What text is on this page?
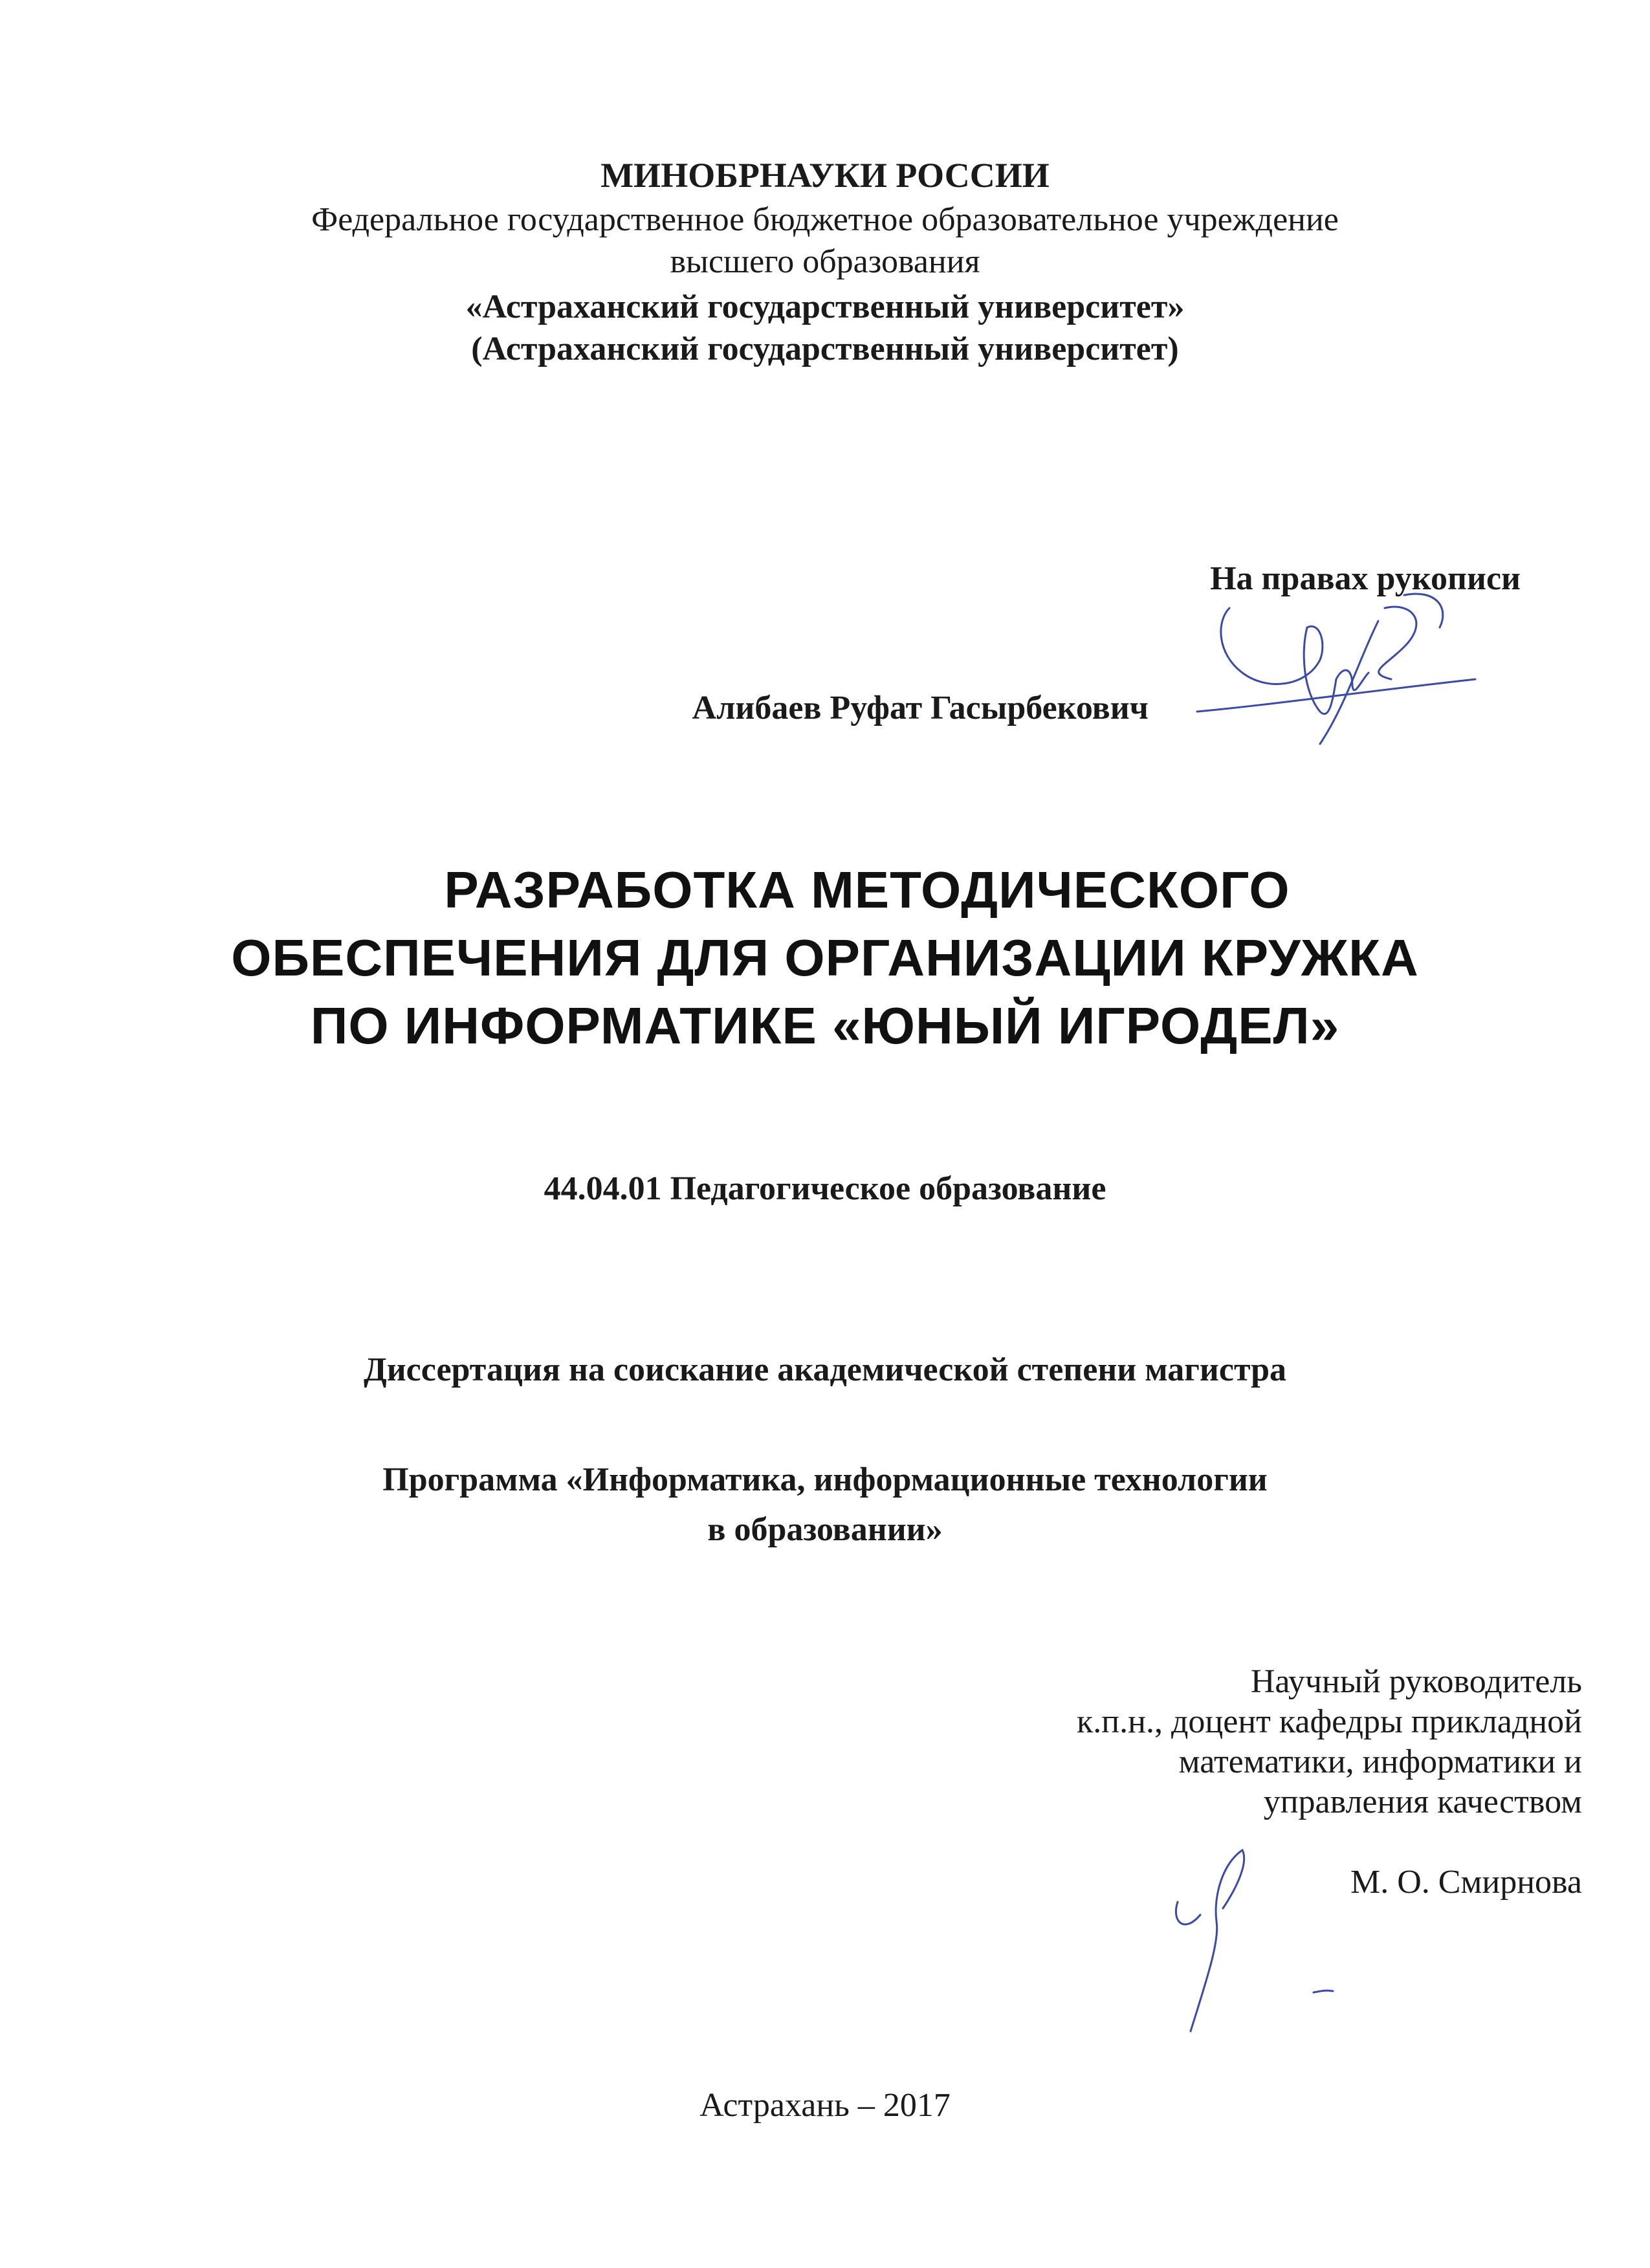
МИНОБРНАУКИ РОССИИ
Федеральное государственное бюджетное образовательное учреждение
высшего образования
«Астраханский государственный университет»
(Астраханский государственный университет)
На правах рукописи
Алибаев Руфат Гасырбекович
РАЗРАБОТКА МЕТОДИЧЕСКОГО
ОБЕСПЕЧЕНИЯ ДЛЯ ОРГАНИЗАЦИИ КРУЖКА
ПО ИНФОРМАТИКЕ «ЮНЫЙ ИГРОДЕЛ»
44.04.01 Педагогическое образование
Диссертация на соискание академической степени магистра
Программа «Информатика, информационные технологии
в образовании»
Научный руководитель
к.п.н., доцент кафедры прикладной
математики, информатики и
управления качеством
М. О. Смирнова
Астрахань – 2017
